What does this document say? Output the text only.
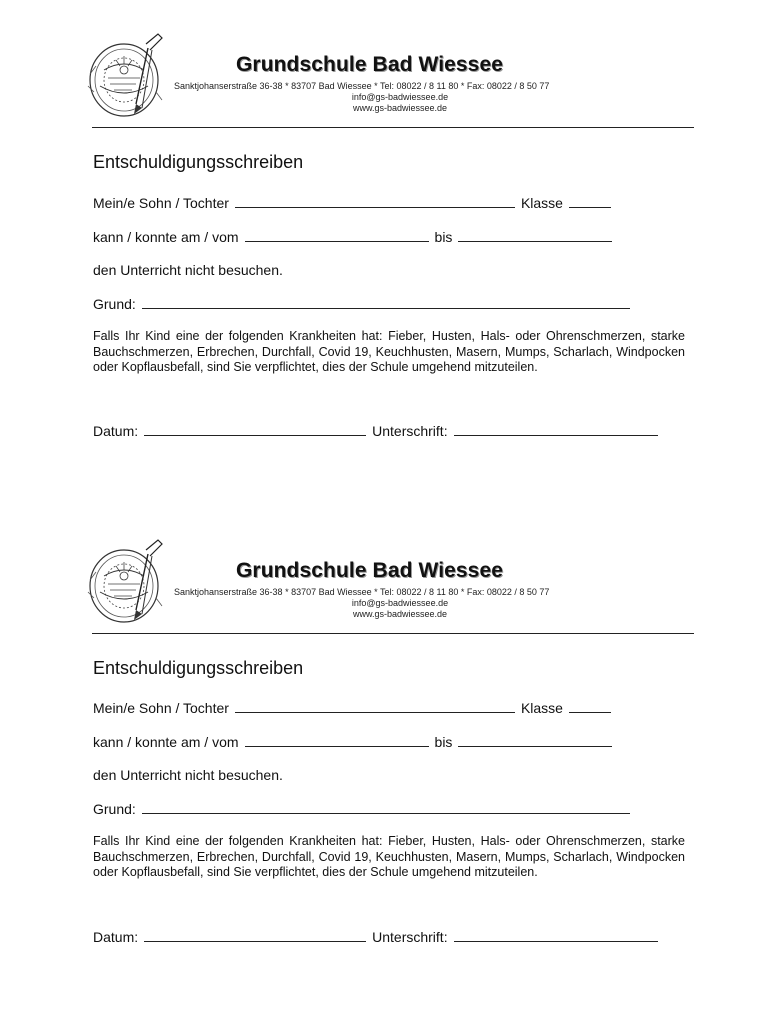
Grundschule Bad Wiessee
Sanktjohanserstraße 36-38 * 83707 Bad Wiessee * Tel: 08022 / 8 11 80 * Fax: 08022 / 8 50 77
info@gs-badwiessee.de
www.gs-badwiessee.de
Entschuldigungsschreiben
Mein/e Sohn / Tochter	Klasse
kann / konnte am / vom	bis
den Unterricht nicht besuchen.
Grund:
Falls Ihr Kind eine der folgenden Krankheiten hat: Fieber, Husten, Hals- oder Ohrenschmerzen, starke Bauchschmerzen, Erbrechen, Durchfall, Covid 19, Keuchhusten, Masern, Mumps, Scharlach, Windpocken oder Kopflausbefall, sind Sie verpflichtet, dies der Schule umgehend mitzuteilen.
Datum:	Unterschrift:
Grundschule Bad Wiessee
Sanktjohanserstraße 36-38 * 83707 Bad Wiessee * Tel: 08022 / 8 11 80 * Fax: 08022 / 8 50 77
info@gs-badwiessee.de
www.gs-badwiessee.de
Entschuldigungsschreiben
Mein/e Sohn / Tochter	Klasse
kann / konnte am / vom	bis
den Unterricht nicht besuchen.
Grund:
Falls Ihr Kind eine der folgenden Krankheiten hat: Fieber, Husten, Hals- oder Ohrenschmerzen, starke Bauchschmerzen, Erbrechen, Durchfall, Covid 19, Keuchhusten, Masern, Mumps, Scharlach, Windpocken oder Kopflausbefall, sind Sie verpflichtet, dies der Schule umgehend mitzuteilen.
Datum:	Unterschrift:
